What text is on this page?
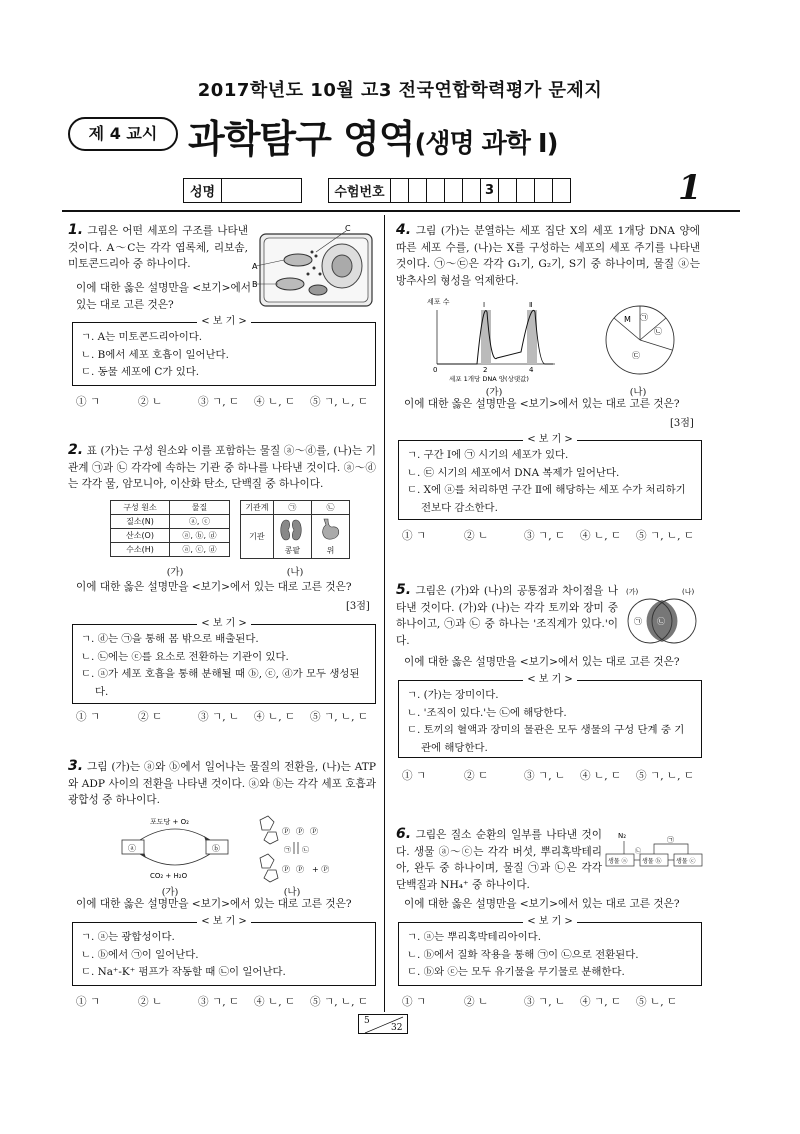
2017학년도 10월 고3 전국연합학력평가 문제지
제 4 교시 과학탐구 영역(생명 과학 Ⅰ)
성명		수험번호						3					1
1. 그림은 어떤 세포의 구조를 나타낸 것이다. A～C는 각각 엽록체, 리보솜, 미토콘드리아 중 하나이다.	A
B
C
이에 대한 옳은 설명만을 <보기>에서 있는 대로 고른 것은?
< 보 기 >
ㄱ. A는 미토콘드리아이다.
ㄴ. B에서 세포 호흡이 일어난다.
ㄷ. 동물 세포에 C가 있다.
① ㄱ	② ㄴ	③ ㄱ, ㄷ ④ ㄴ, ㄷ ⑤ ㄱ, ㄴ, ㄷ
2. 표 (가)는 구성 원소와 이를 포함하는 물질 ⓐ～ⓓ를, (나)는 기관계 ㉠과 ㉡ 각각에 속하는 기관 중 하나를 나타낸 것이다. ⓐ～ⓓ는 각각 물, 암모니아, 이산화 탄소, 단백질 중 하나이다.
구성 원소	물질
질소(N)	ⓐ, ⓒ
산소(O)	ⓐ, ⓑ, ⓓ
수소(H)	ⓐ, ⓒ, ⓓ
기관계	㉠	㉡
기관	콩팥	위
(가)	(나)
이에 대한 옳은 설명만을 <보기>에서 있는 대로 고른 것은?
[3점]
< 보 기 >
ㄱ. ⓓ는 ㉠을 통해 몸 밖으로 배출된다.
ㄴ. ㉡에는 ⓒ를 요소로 전환하는 기관이 있다.
ㄷ. ⓐ가 세포 호흡을 통해 분해될 때 ⓑ, ⓒ, ⓓ가 모두 생성된다.
① ㄱ	② ㄷ	③ ㄱ, ㄴ ④ ㄴ, ㄷ ⑤ ㄱ, ㄴ, ㄷ
3. 그림 (가)는 ⓐ와 ⓑ에서 일어나는 물질의 전환을, (나)는 ATP와 ADP 사이의 전환을 나타낸 것이다. ⓐ와 ⓑ는 각각 세포 호흡과 광합성 중 하나이다.
포도당 + O₂
ⓐ	ⓑ
CO₂ + H₂O
Ⓟ Ⓟ Ⓟ
㉠ ㉡
Ⓟ Ⓟ + Ⓟ
(가)	(나)
이에 대한 옳은 설명만을 <보기>에서 있는 대로 고른 것은?
< 보 기 >
ㄱ. ⓐ는 광합성이다.
ㄴ. ⓑ에서 ㉠이 일어난다.
ㄷ. Na⁺-K⁺ 펌프가 작동할 때 ㉡이 일어난다.
① ㄱ	② ㄴ	③ ㄱ, ㄷ ④ ㄴ, ㄷ ⑤ ㄱ, ㄴ, ㄷ
4. 그림 (가)는 분열하는 세포 집단 X의 세포 1개당 DNA 양에 따른 세포 수를, (나)는 X를 구성하는 세포의 세포 주기를 나타낸 것이다. ㉠～㉢은 각각 G₁기, G₂기, S기 중 하나이며, 물질 ⓐ는 방추사의 형성을 억제한다.
세포 수	Ⅰ	Ⅱ
0	2	4
세포 1개당 DNA 양(상댓값)
M ㉠
㉡
㉢
(가)	(나)
이에 대한 옳은 설명만을 <보기>에서 있는 대로 고른 것은?
[3점]
< 보 기 >
ㄱ. 구간 Ⅰ에 ㉠ 시기의 세포가 있다.
ㄴ. ㉢ 시기의 세포에서 DNA 복제가 일어난다.
ㄷ. X에 ⓐ를 처리하면 구간 Ⅱ에 해당하는 세포 수가 처리하기 전보다 감소한다.
① ㄱ	② ㄴ	③ ㄱ, ㄷ ④ ㄴ, ㄷ ⑤ ㄱ, ㄴ, ㄷ
5. 그림은 (가)와 (나)의 공통점과 차이점을 나타낸 것이다. (가)와 (나)는 각각 토끼와 장미 중 하나이고, ㉠과 ㉡ 중 하나는 '조직계가 있다.'이다.
(가)	(나)
㉠ ㉡
이에 대한 옳은 설명만을 <보기>에서 있는 대로 고른 것은?
< 보 기 >
ㄱ. (가)는 장미이다.
ㄴ. '조직이 있다.'는 ㉡에 해당한다.
ㄷ. 토끼의 혈액과 장미의 물관은 모두 생물의 구성 단계 중 기관에 해당한다.
① ㄱ	② ㄷ	③ ㄱ, ㄴ ④ ㄴ, ㄷ ⑤ ㄱ, ㄴ, ㄷ
6. 그림은 질소 순환의 일부를 나타낸 것이다. 생물 ⓐ～ⓒ는 각각 버섯, 뿌리혹박테리아, 완두 중 하나이며, 물질 ㉠과 ㉡은 각각 단백질과 NH₄⁺ 중 하나이다.
N₂
생물 ⓐ 생물 ⓑ 생물 ⓒ
㉠
㉡
이에 대한 옳은 설명만을 <보기>에서 있는 대로 고른 것은?
< 보 기 >
ㄱ. ⓐ는 뿌리혹박테리아이다.
ㄴ. ⓑ에서 질화 작용을 통해 ㉠이 ㉡으로 전환된다.
ㄷ. ⓑ와 ⓒ는 모두 유기물을 무기물로 분해한다.
① ㄱ	② ㄴ	③ ㄱ, ㄴ ④ ㄱ, ㄷ ⑤ ㄴ, ㄷ
5
32
